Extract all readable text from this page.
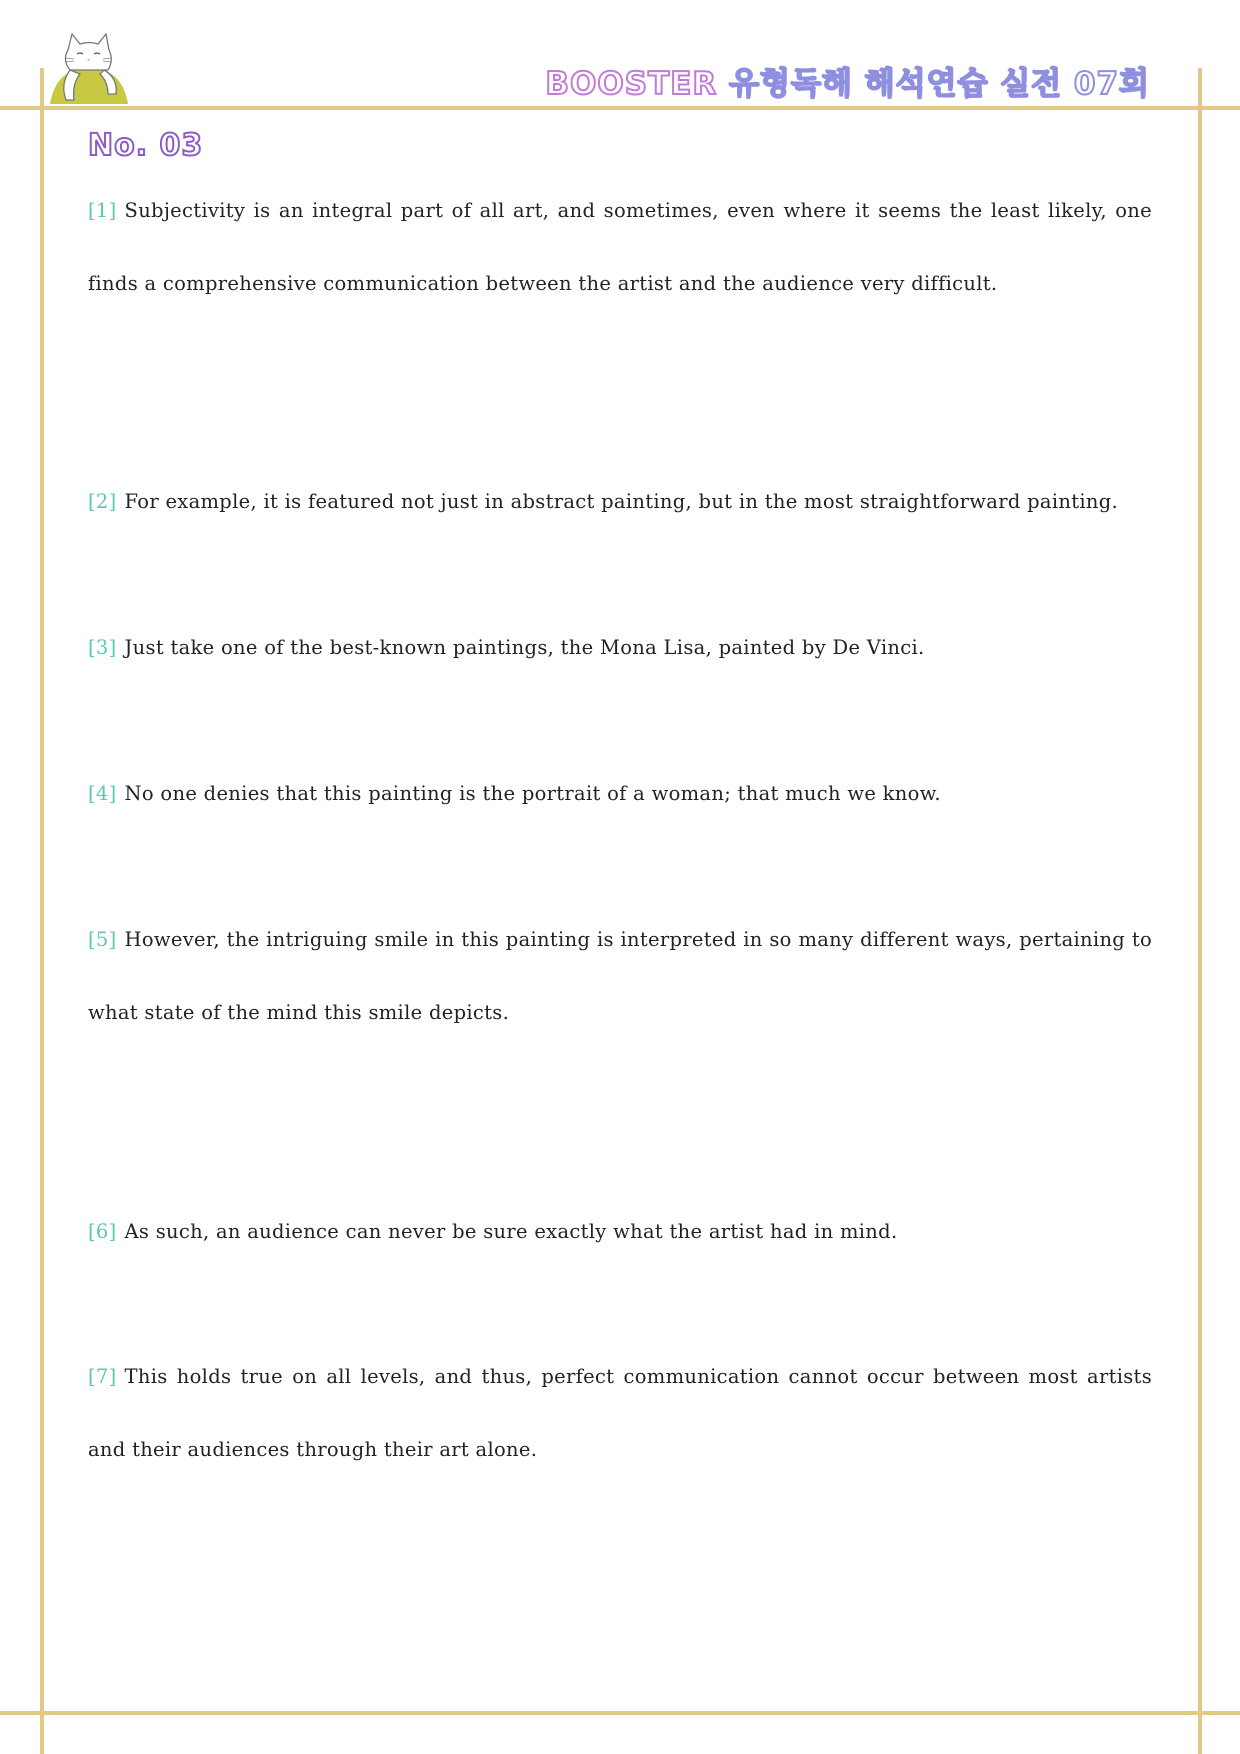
BOOSTER 유형독해 해석연습 실전 07회
No. 03
[1] Subjectivity is an integral part of all art, and sometimes, even where it seems the least likely, one finds a comprehensive communication between the artist and the audience very difficult.
[2] For example, it is featured not just in abstract painting, but in the most straightforward painting.
[3] Just take one of the best-known paintings, the Mona Lisa, painted by De Vinci.
[4] No one denies that this painting is the portrait of a woman; that much we know.
[5] However, the intriguing smile in this painting is interpreted in so many different ways, pertaining to what state of the mind this smile depicts.
[6] As such, an audience can never be sure exactly what the artist had in mind.
[7] This holds true on all levels, and thus, perfect communication cannot occur between most artists and their audiences through their art alone.
